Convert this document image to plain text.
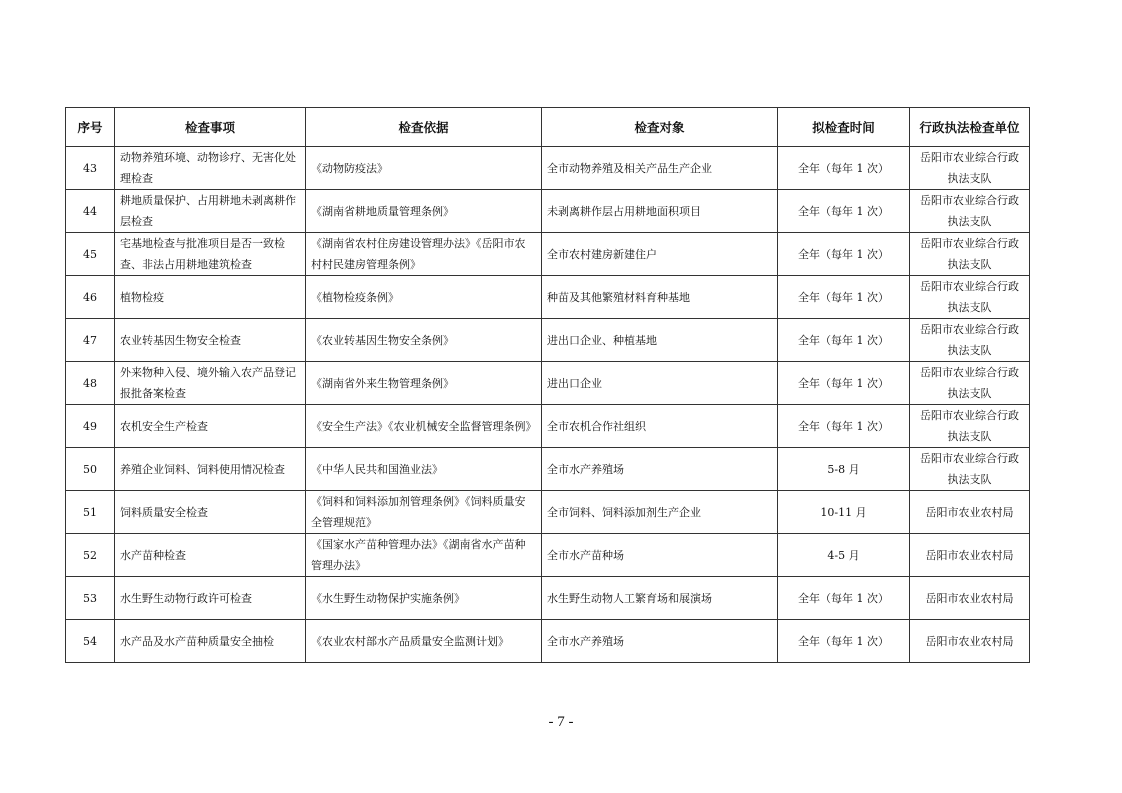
序号	检查事项	检查依据	检查对象	拟检查时间	行政执法检查单位
43	动物养殖环境、动物诊疗、无害化处理检查	《动物防疫法》	全市动物养殖及相关产品生产企业	全年（每年 1 次）	岳阳市农业综合行政执法支队
44	耕地质量保护、占用耕地未剥离耕作层检查	《湖南省耕地质量管理条例》	未剥离耕作层占用耕地面积项目	全年（每年 1 次）	岳阳市农业综合行政执法支队
45	宅基地检查与批准项目是否一致检查、非法占用耕地建筑检查	《湖南省农村住房建设管理办法》《岳阳市农村村民建房管理条例》	全市农村建房新建住户	全年（每年 1 次）	岳阳市农业综合行政执法支队
46	植物检疫	《植物检疫条例》	种苗及其他繁殖材料育种基地	全年（每年 1 次）	岳阳市农业综合行政执法支队
47	农业转基因生物安全检查	《农业转基因生物安全条例》	进出口企业、种植基地	全年（每年 1 次）	岳阳市农业综合行政执法支队
48	外来物种入侵、境外输入农产品登记报批备案检查	《湖南省外来生物管理条例》	进出口企业	全年（每年 1 次）	岳阳市农业综合行政执法支队
49	农机安全生产检查	《安全生产法》《农业机械安全监督管理条例》	全市农机合作社组织	全年（每年 1 次）	岳阳市农业综合行政执法支队
50	养殖企业饲料、饲料使用情况检查	《中华人民共和国渔业法》	全市水产养殖场	5-8 月	岳阳市农业综合行政执法支队
51	饲料质量安全检查	《饲料和饲料添加剂管理条例》《饲料质量安全管理规范》	全市饲料、饲料添加剂生产企业	10-11 月	岳阳市农业农村局
52	水产苗种检查	《国家水产苗种管理办法》《湖南省水产苗种管理办法》	全市水产苗种场	4-5 月	岳阳市农业农村局
53	水生野生动物行政许可检查	《水生野生动物保护实施条例》	水生野生动物人工繁育场和展演场	全年（每年 1 次）	岳阳市农业农村局
54	水产品及水产苗种质量安全抽检	《农业农村部水产品质量安全监测计划》	全市水产养殖场	全年（每年 1 次）	岳阳市农业农村局
- 7 -
